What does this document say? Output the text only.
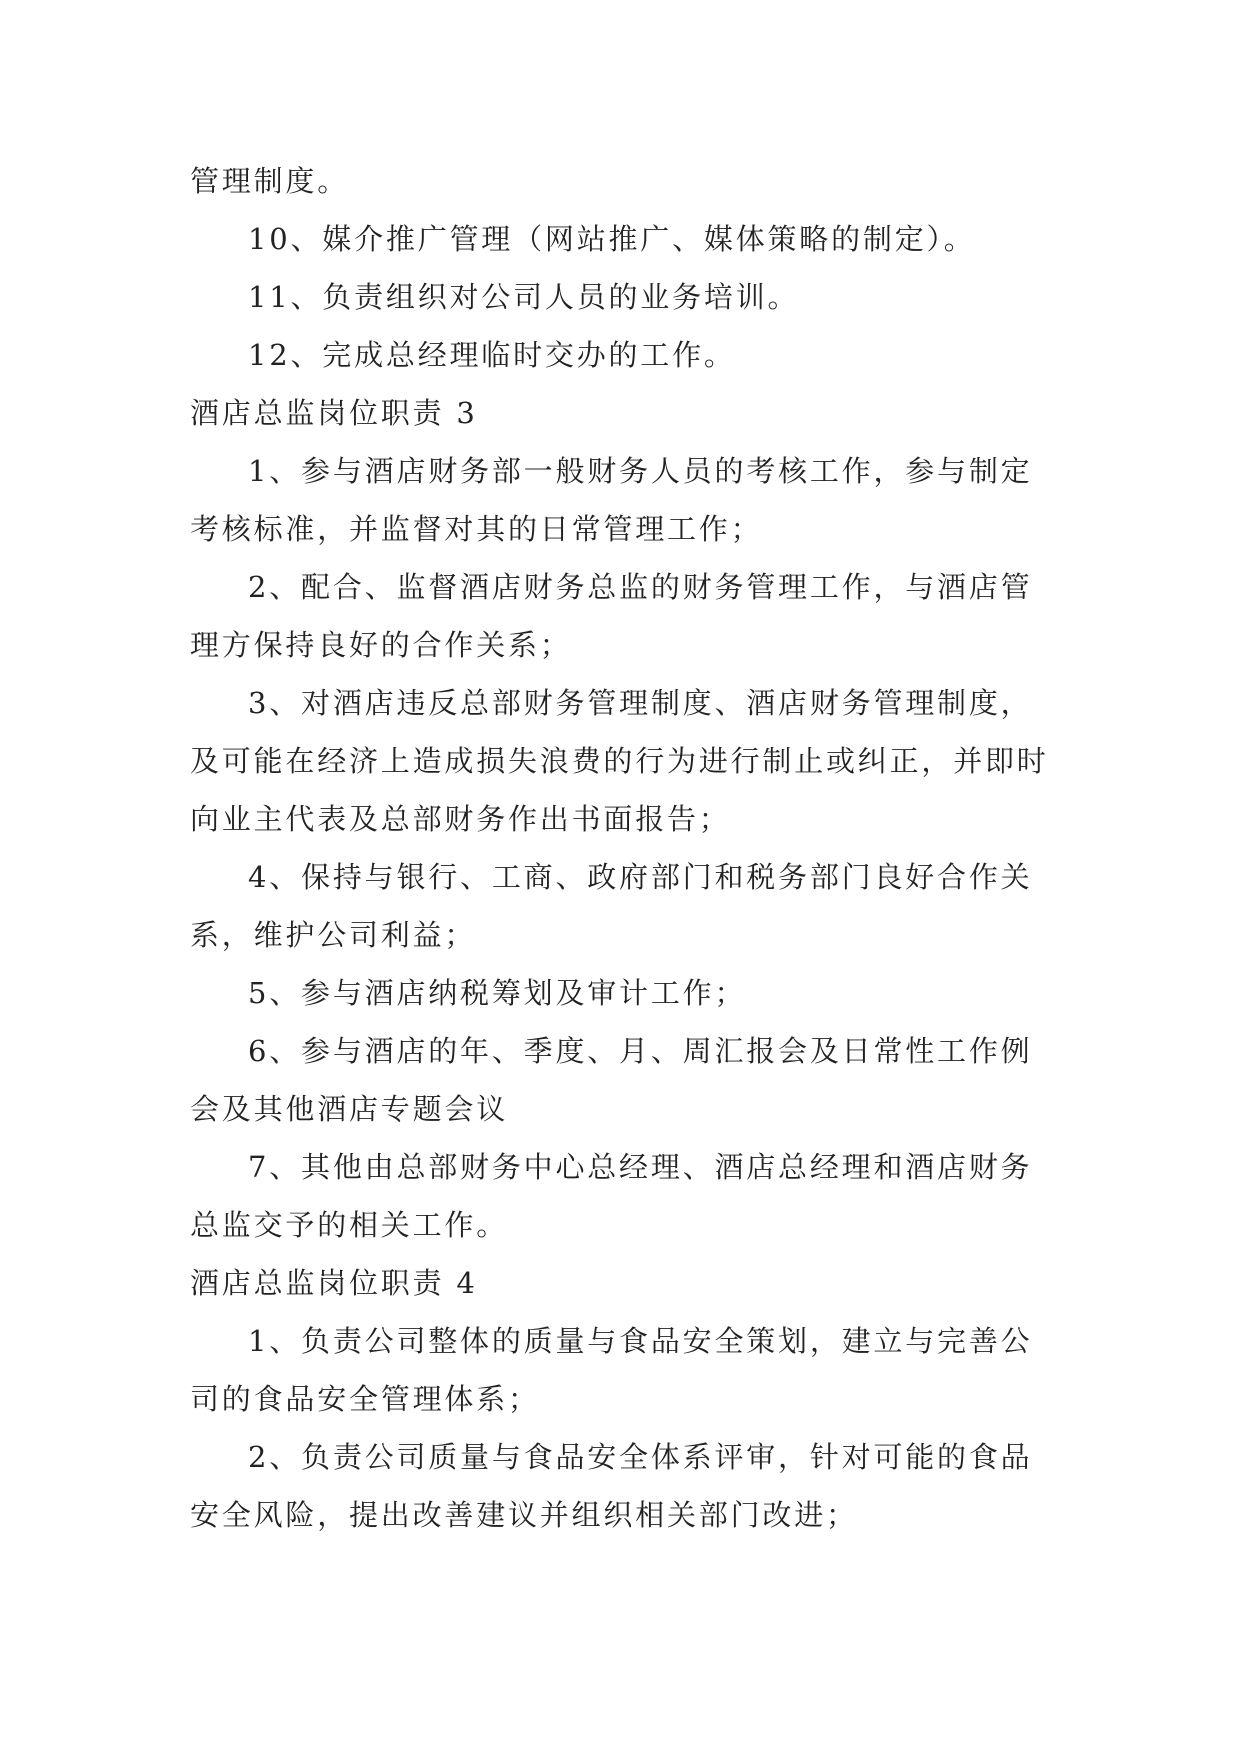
管理制度。

10、媒介推广管理（网站推广、媒体策略的制定）。

11、负责组织对公司人员的业务培训。

12、完成总经理临时交办的工作。

酒店总监岗位职责 3

1、参与酒店财务部一般财务人员的考核工作，参与制定考核标准，并监督对其的日常管理工作；

2、配合、监督酒店财务总监的财务管理工作，与酒店管理方保持良好的合作关系；

3、对酒店违反总部财务管理制度、酒店财务管理制度，及可能在经济上造成损失浪费的行为进行制止或纠正，并即时向业主代表及总部财务作出书面报告；

4、保持与银行、工商、政府部门和税务部门良好合作关系，维护公司利益；

5、参与酒店纳税筹划及审计工作；

6、参与酒店的年、季度、月、周汇报会及日常性工作例会及其他酒店专题会议

7、其他由总部财务中心总经理、酒店总经理和酒店财务总监交予的相关工作。

酒店总监岗位职责 4

1、负责公司整体的质量与食品安全策划，建立与完善公司的食品安全管理体系；

2、负责公司质量与食品安全体系评审，针对可能的食品安全风险，提出改善建议并组织相关部门改进；
